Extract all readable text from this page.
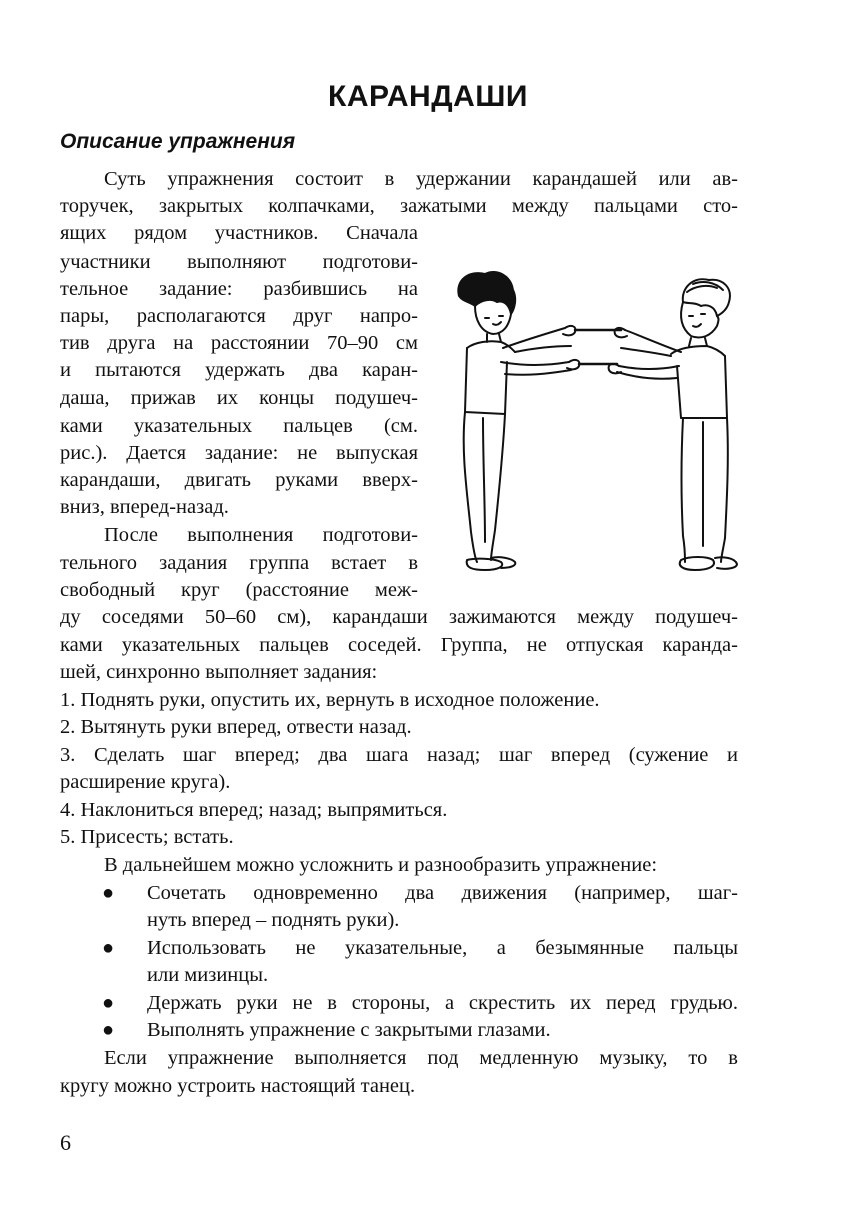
КАРАНДАШИ
Описание упражнения
Суть упражнения состоит в удержании карандашей или ав-
торучек, закрытых колпачками, зажатыми между пальцами сто-
ящих рядом участников. Сначала
участники выполняют подготови-
тельное задание: разбившись на
пары, располагаются друг напро-
тив друга на расстоянии 70–90 см
и пытаются удержать два каран-
даша, прижав их концы подушеч-
ками указательных пальцев (см.
рис.). Дается задание: не выпуская
карандаши, двигать руками вверх-
вниз, вперед-назад.
После выполнения подготови-
тельного задания группа встает в
свободный круг (расстояние меж-
ду соседями 50–60 см), карандаши зажимаются между подушеч-
ками указательных пальцев соседей. Группа, не отпуская каранда-
шей, синхронно выполняет задания:
1. Поднять руки, опустить их, вернуть в исходное положение.
2. Вытянуть руки вперед, отвести назад.
3. Сделать шаг вперед; два шага назад; шаг вперед (сужение и
расширение круга).
4. Наклониться вперед; назад; выпрямиться.
5. Присесть; встать.
В дальнейшем можно усложнить и разнообразить упражнение:
● Сочетать одновременно два движения (например, шаг-
нуть вперед – поднять руки).
● Использовать не указательные, а безымянные пальцы
или мизинцы.
● Держать руки не в стороны, а скрестить их перед грудью.
● Выполнять упражнение с закрытыми глазами.
Если упражнение выполняется под медленную музыку, то в
кругу можно устроить настоящий танец.
6
